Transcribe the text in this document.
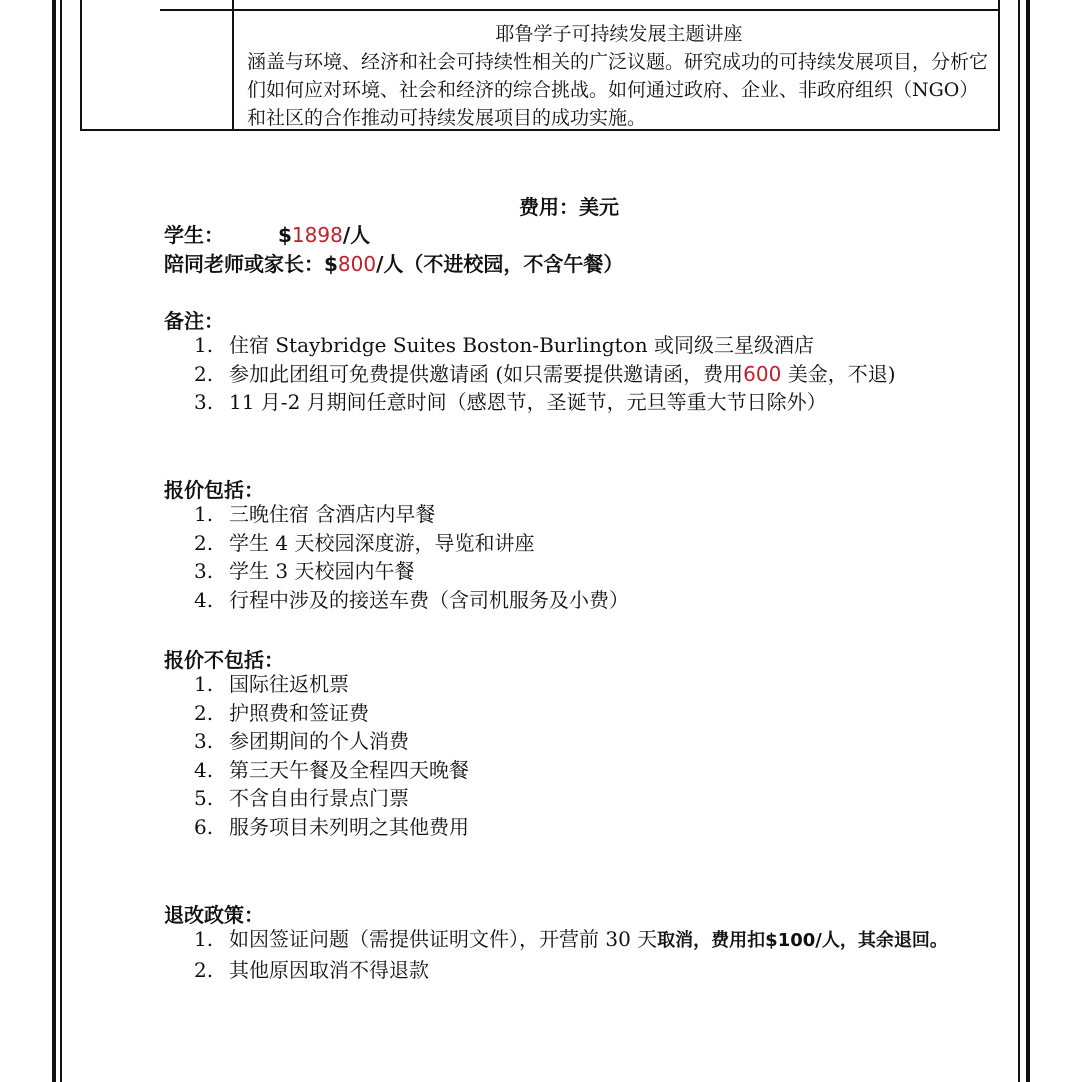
耶鲁学子可持续发展主题讲座
涵盖与环境、经济和社会可持续性相关的广泛议题。研究成功的可持续发展项目，分析它们如何应对环境、社会和经济的综合挑战。如何通过政府、企业、非政府组织（NGO）和社区的合作推动可持续发展项目的成功实施。
费用：美元
学生：	$1898/人
陪同老师或家长：$800/人（不进校园，不含午餐）
备注：
1. 住宿 Staybridge Suites Boston-Burlington 或同级三星级酒店
2. 参加此团组可免费提供邀请函 (如只需要提供邀请函，费用600 美金，不退)
3. 11 月-2 月期间任意时间（感恩节，圣诞节，元旦等重大节日除外）
报价包括：
1. 三晚住宿 含酒店内早餐
2. 学生 4 天校园深度游，导览和讲座
3. 学生 3 天校园内午餐
4. 行程中涉及的接送车费（含司机服务及小费）
报价不包括：
1. 国际往返机票
2. 护照费和签证费
3. 参团期间的个人消费
4. 第三天午餐及全程四天晚餐
5. 不含自由行景点门票
6. 服务项目未列明之其他费用
退改政策：
1. 如因签证问题（需提供证明文件），开营前 30 天取消，费用扣$100/人，其余退回。
2. 其他原因取消不得退款
